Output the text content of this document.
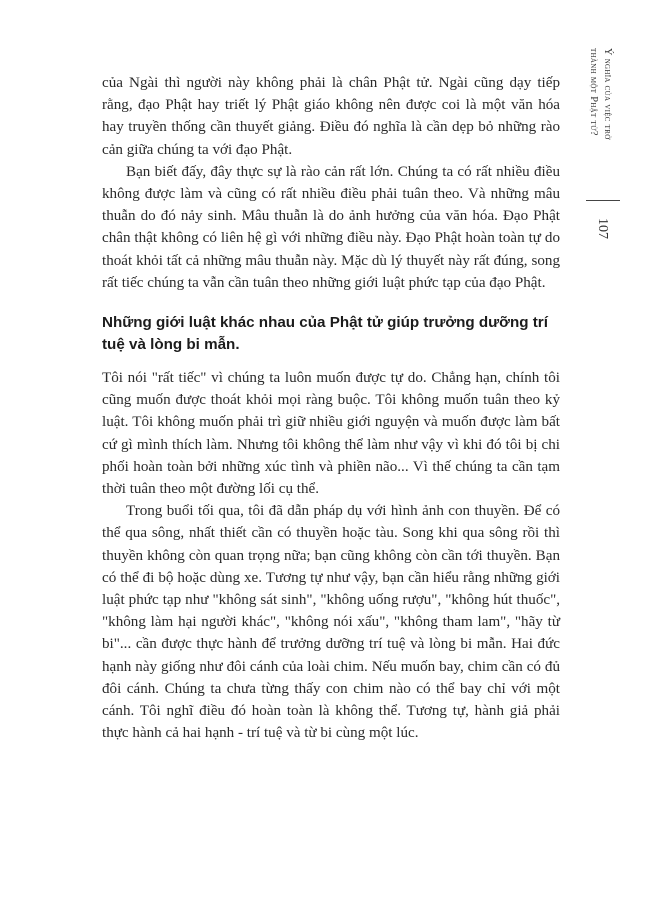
của Ngài thì người này không phải là chân Phật tử. Ngài cũng dạy tiếp rằng, đạo Phật hay triết lý Phật giáo không nên được coi là một văn hóa hay truyền thống cần thuyết giảng. Điều đó nghĩa là cần dẹp bỏ những rào cản giữa chúng ta với đạo Phật.

Bạn biết đấy, đây thực sự là rào cản rất lớn. Chúng ta có rất nhiều điều không được làm và cũng có rất nhiều điều phải tuân theo. Và những mâu thuẫn do đó nảy sinh. Mâu thuẫn là do ảnh hưởng của văn hóa. Đạo Phật chân thật không có liên hệ gì với những điều này. Đạo Phật hoàn toàn tự do thoát khỏi tất cả những mâu thuẫn này. Mặc dù lý thuyết này rất đúng, song rất tiếc chúng ta vẫn cần tuân theo những giới luật phức tạp của đạo Phật.

Những giới luật khác nhau của Phật tử giúp trưởng dưỡng trí tuệ và lòng bi mẫn.

Tôi nói "rất tiếc" vì chúng ta luôn muốn được tự do. Chẳng hạn, chính tôi cũng muốn được thoát khỏi mọi ràng buộc. Tôi không muốn tuân theo kỷ luật. Tôi không muốn phải trì giữ nhiều giới nguyện và muốn được làm bất cứ gì mình thích làm. Nhưng tôi không thể làm như vậy vì khi đó tôi bị chi phối hoàn toàn bởi những xúc tình và phiền não... Vì thế chúng ta cần tạm thời tuân theo một đường lối cụ thể.

Trong buổi tối qua, tôi đã dẫn pháp dụ với hình ảnh con thuyền. Để có thể qua sông, nhất thiết cần có thuyền hoặc tàu. Song khi qua sông rồi thì thuyền không còn quan trọng nữa; bạn cũng không còn cần tới thuyền. Bạn có thể đi bộ hoặc dùng xe. Tương tự như vậy, bạn cần hiểu rằng những giới luật phức tạp như "không sát sinh", "không uống rượu", "không hút thuốc", "không làm hại người khác", "không nói xấu", "không tham lam", "hãy từ bi"... cần được thực hành để trưởng dưỡng trí tuệ và lòng bi mẫn. Hai đức hạnh này giống như đôi cánh của loài chim. Nếu muốn bay, chim cần có đủ đôi cánh. Chúng ta chưa từng thấy con chim nào có thể bay chỉ với một cánh. Tôi nghĩ điều đó hoàn toàn là không thể. Tương tự, hành giả phải thực hành cả hai hạnh - trí tuệ và từ bi cùng một lúc.

Ý nghĩa của việc trở
thành một Phật tử?
107
